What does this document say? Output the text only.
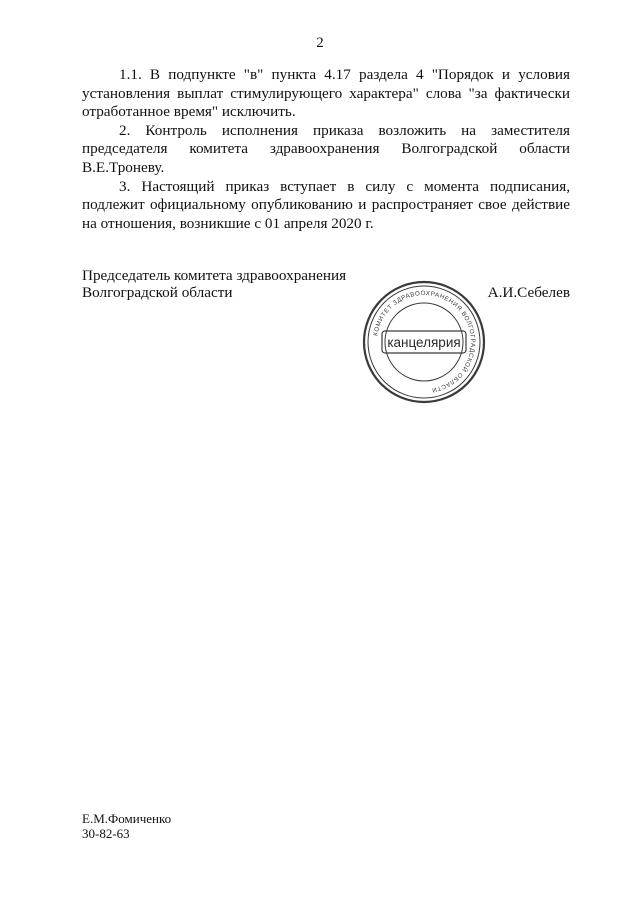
2

1.1. В подпункте "в" пункта 4.17 раздела 4 "Порядок и условия установления выплат стимулирующего характера" слова "за фактически отработанное время" исключить.

2. Контроль исполнения приказа возложить на заместителя председателя комитета здравоохранения Волгоградской области В.Е.Троневу.

3. Настоящий приказ вступает в силу с момента подписания, подлежит официальному опубликованию и распространяет свое действие на отношения, возникшие с 01 апреля 2020 г.

Председатель комитета здравоохранения
Волгоградской области	А.И.Себелев
КОМИТЕТ ЗДРАВООХРАНЕНИЯ ВОЛГОГРАДСКОЙ ОБЛАСТИ
канцелярия
Е.М.Фомиченко
30-82-63
